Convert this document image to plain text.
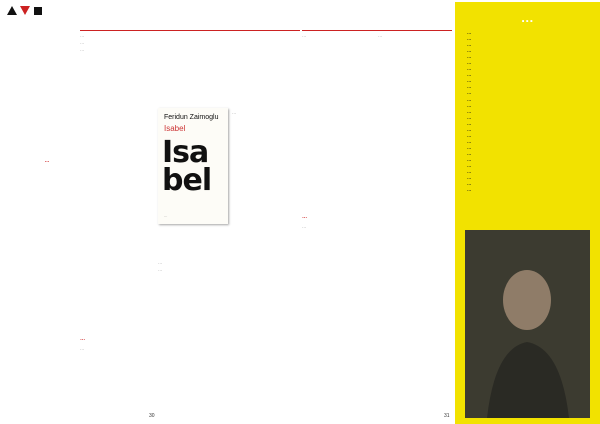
…

…

…

…

…

…
Feridun Zaimoglu
Isabel
Isa
bel
…

…

…

…

30

…

…

…

…

31
…
…
…
…
…
…
…
…
…
…
…
…
…
…
…
…
…
…
…
…
…
…
…
…
…
…
…
…
